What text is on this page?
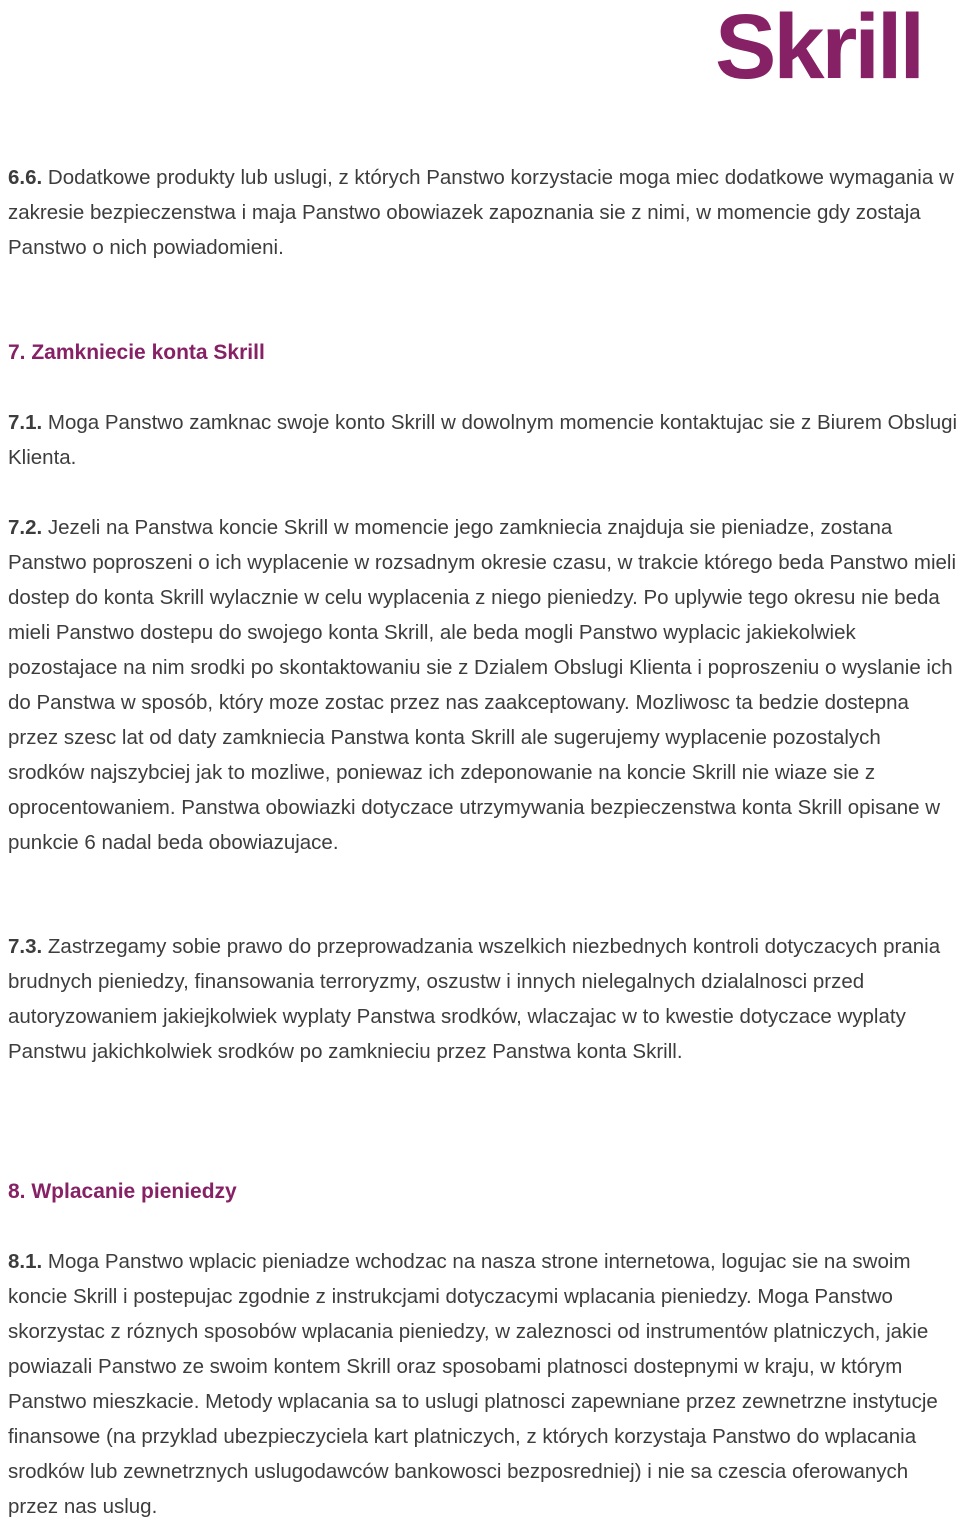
Skrill

6.6. Dodatkowe produkty lub uslugi, z których Panstwo korzystacie moga miec dodatkowe wymagania w zakresie bezpieczenstwa i maja Panstwo obowiazek zapoznania sie z nimi, w momencie gdy zostaja Panstwo o nich powiadomieni.

7. Zamkniecie konta Skrill

7.1. Moga Panstwo zamknac swoje konto Skrill w dowolnym momencie kontaktujac sie z Biurem Obslugi Klienta.

7.2. Jezeli na Panstwa koncie Skrill w momencie jego zamkniecia znajduja sie pieniadze, zostana Panstwo poproszeni o ich wyplacenie w rozsadnym okresie czasu, w trakcie którego beda Panstwo mieli dostep do konta Skrill wylacznie w celu wyplacenia z niego pieniedzy. Po uplywie tego okresu nie beda mieli Panstwo dostepu do swojego konta Skrill, ale beda mogli Panstwo wyplacic jakiekolwiek pozostajace na nim srodki po skontaktowaniu sie z Dzialem Obslugi Klienta i poproszeniu o wyslanie ich do Panstwa w sposób, który moze zostac przez nas zaakceptowany. Mozliwosc ta bedzie dostepna przez szesc lat od daty zamkniecia Panstwa konta Skrill ale sugerujemy wyplacenie pozostalych srodków najszybciej jak to mozliwe, poniewaz ich zdeponowanie na koncie Skrill nie wiaze sie z oprocentowaniem. Panstwa obowiazki dotyczace utrzymywania bezpieczenstwa konta Skrill opisane w punkcie 6 nadal beda obowiazujace.

7.3. Zastrzegamy sobie prawo do przeprowadzania wszelkich niezbednych kontroli dotyczacych prania brudnych pieniedzy, finansowania terroryzmy, oszustw i innych nielegalnych dzialalnosci przed autoryzowaniem jakiejkolwiek wyplaty Panstwa srodków, wlaczajac w to kwestie dotyczace wyplaty Panstwu jakichkolwiek srodków po zamknieciu przez Panstwa konta Skrill.

8. Wplacanie pieniedzy

8.1. Moga Panstwo wplacic pieniadze wchodzac na nasza strone internetowa, logujac sie na swoim koncie Skrill i postepujac zgodnie z instrukcjami dotyczacymi wplacania pieniedzy. Moga Panstwo skorzystac z róznych sposobów wplacania pieniedzy, w zaleznosci od instrumentów platniczych, jakie powiazali Panstwo ze swoim kontem Skrill oraz sposobami platnosci dostepnymi w kraju, w którym Panstwo mieszkacie. Metody wplacania sa to uslugi platnosci zapewniane przez zewnetrzne instytucje finansowe (na przyklad ubezpieczyciela kart platniczych, z których korzystaja Panstwo do wplacania srodków lub zewnetrznych uslugodawców bankowosci bezposredniej) i nie sa czescia oferowanych przez nas uslug.
